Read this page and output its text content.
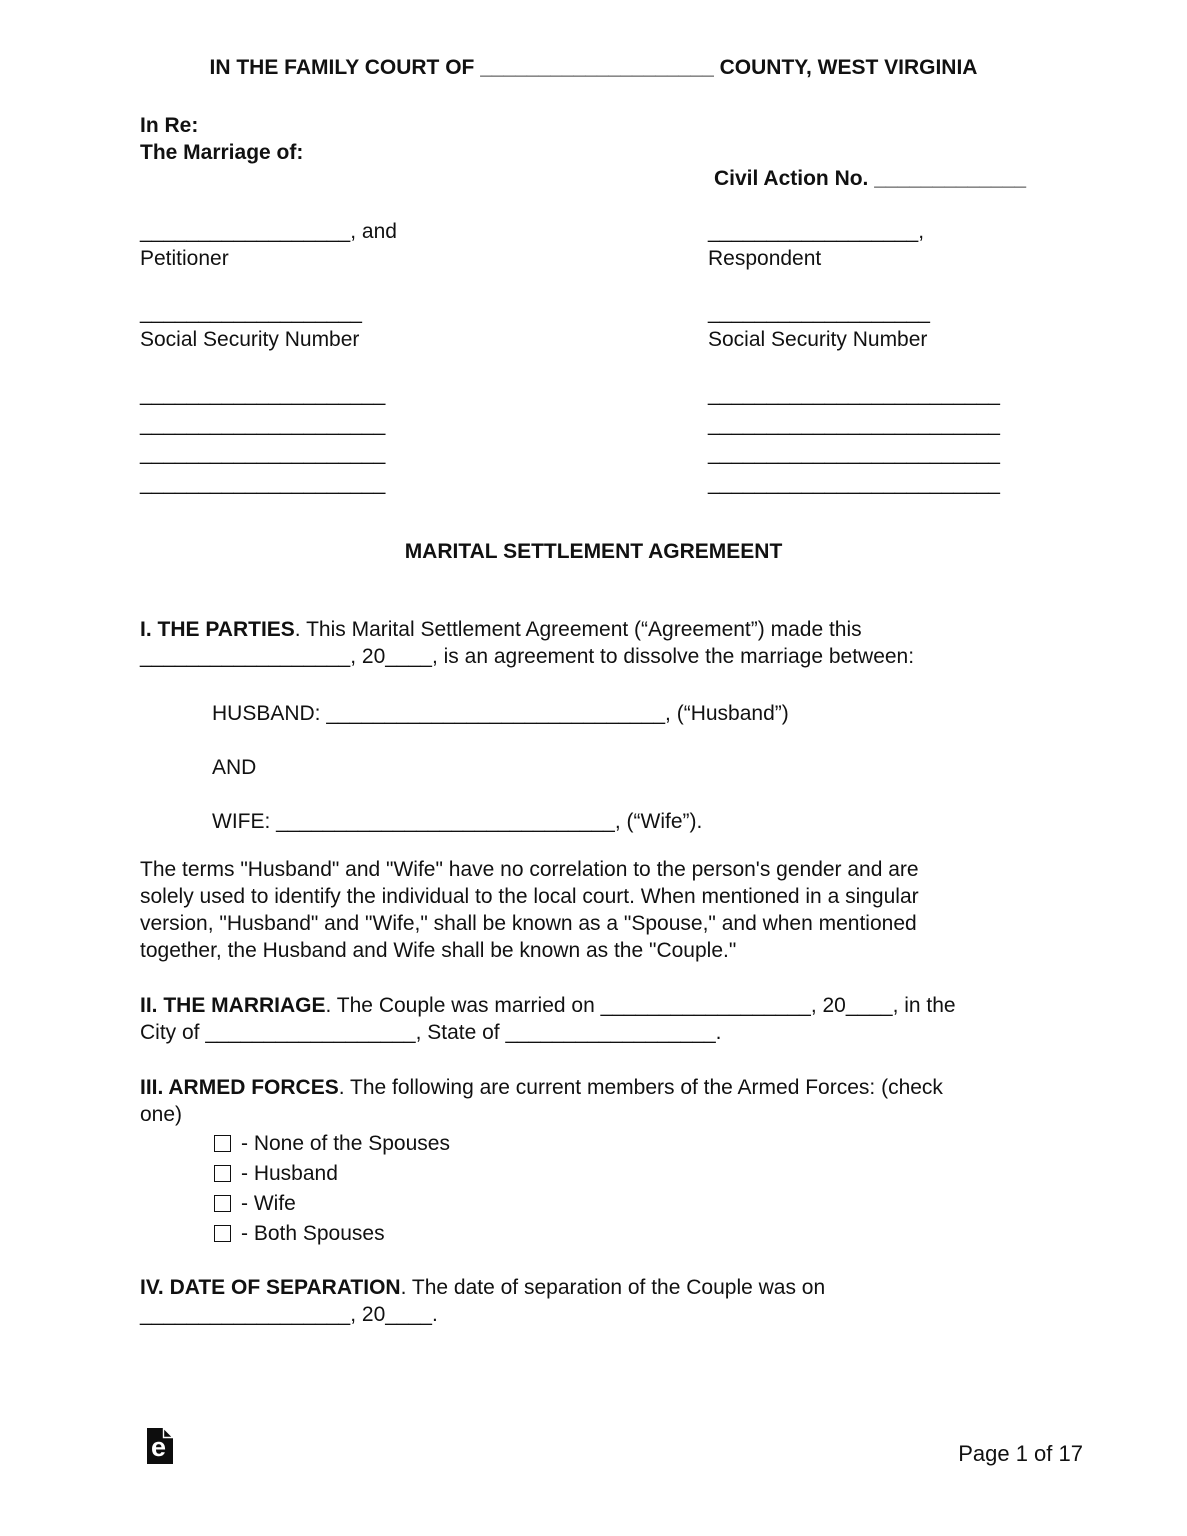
IN THE FAMILY COURT OF ____________________ COUNTY, WEST VIRGINIA
In Re:
The Marriage of:
Civil Action No. _____________
__________________, and
Petitioner
__________________,
Respondent
___________________
Social Security Number
___________________
Social Security Number
_____________________
_____________________
_____________________
_____________________
_________________________
_________________________
_________________________
_________________________
MARITAL SETTLEMENT AGREMEENT
I. THE PARTIES. This Marital Settlement Agreement (“Agreement”) made this
__________________, 20____, is an agreement to dissolve the marriage between:
HUSBAND: _____________________________, (“Husband”)
AND
WIFE: _____________________________, (“Wife”).
The terms "Husband" and "Wife" have no correlation to the person's gender and are
solely used to identify the individual to the local court. When mentioned in a singular
version, "Husband" and "Wife," shall be known as a "Spouse," and when mentioned
together, the Husband and Wife shall be known as the "Couple."
II. THE MARRIAGE. The Couple was married on __________________, 20____, in the
City of __________________, State of __________________.
III. ARMED FORCES. The following are current members of the Armed Forces: (check
one)
- None of the Spouses
- Husband
- Wife
- Both Spouses
IV. DATE OF SEPARATION. The date of separation of the Couple was on
__________________, 20____.
e	Page 1 of 17
